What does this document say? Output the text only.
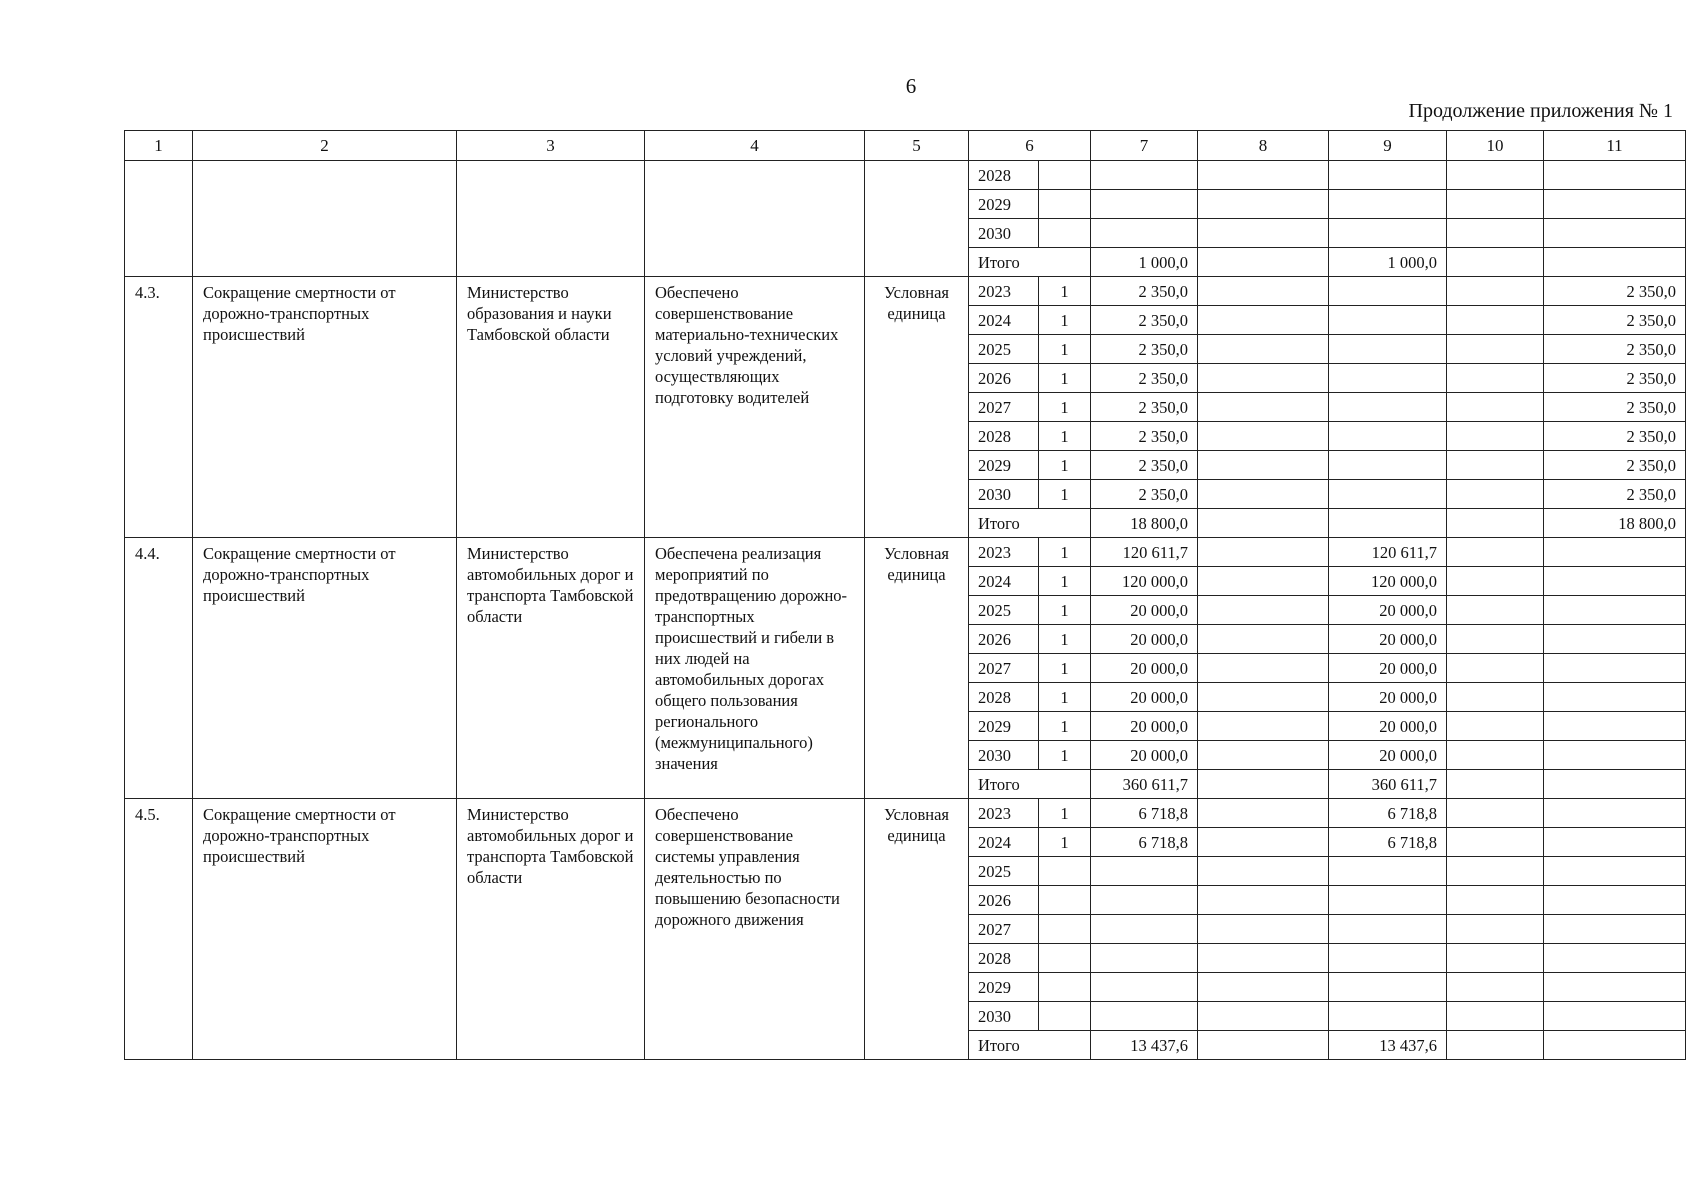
6
Продолжение приложения № 1
1	2	3	4	5	6		7	8	9	10	11
					2028						
					2029						
					2030						
					Итого		1 000,0		1 000,0		
4.3.	Сокращение смертности от дорожно-транспортных происшествий	Министерство образования и науки Тамбовской области	Обеспечено совершенствование материально-технических условий учреждений, осуществляющих подготовку водителей	Условная единица	2023	1	2 350,0				2 350,0
					2024	1	2 350,0				2 350,0
					2025	1	2 350,0				2 350,0
					2026	1	2 350,0				2 350,0
					2027	1	2 350,0				2 350,0
					2028	1	2 350,0				2 350,0
					2029	1	2 350,0				2 350,0
					2030	1	2 350,0				2 350,0
					Итого		18 800,0				18 800,0
4.4.	Сокращение смертности от дорожно-транспортных происшествий	Министерство автомобильных дорог и транспорта Тамбовской области	Обеспечена реализация мероприятий по предотвращению дорожно-транспортных происшествий и гибели в них людей на автомобильных дорогах общего пользования регионального (межмуниципального) значения	Условная единица	2023	1	120 611,7		120 611,7		
					2024	1	120 000,0		120 000,0		
					2025	1	20 000,0		20 000,0		
					2026	1	20 000,0		20 000,0		
					2027	1	20 000,0		20 000,0		
					2028	1	20 000,0		20 000,0		
					2029	1	20 000,0		20 000,0		
					2030	1	20 000,0		20 000,0		
					Итого		360 611,7		360 611,7		
4.5.	Сокращение смертности от дорожно-транспортных происшествий	Министерство автомобильных дорог и транспорта Тамбовской области	Обеспечено совершенствование системы управления деятельностью по повышению безопасности дорожного движения	Условная единица	2023	1	6 718,8		6 718,8		
					2024	1	6 718,8		6 718,8		
					2025						
					2026						
					2027						
					2028						
					2029						
					2030						
					Итого		13 437,6		13 437,6		
